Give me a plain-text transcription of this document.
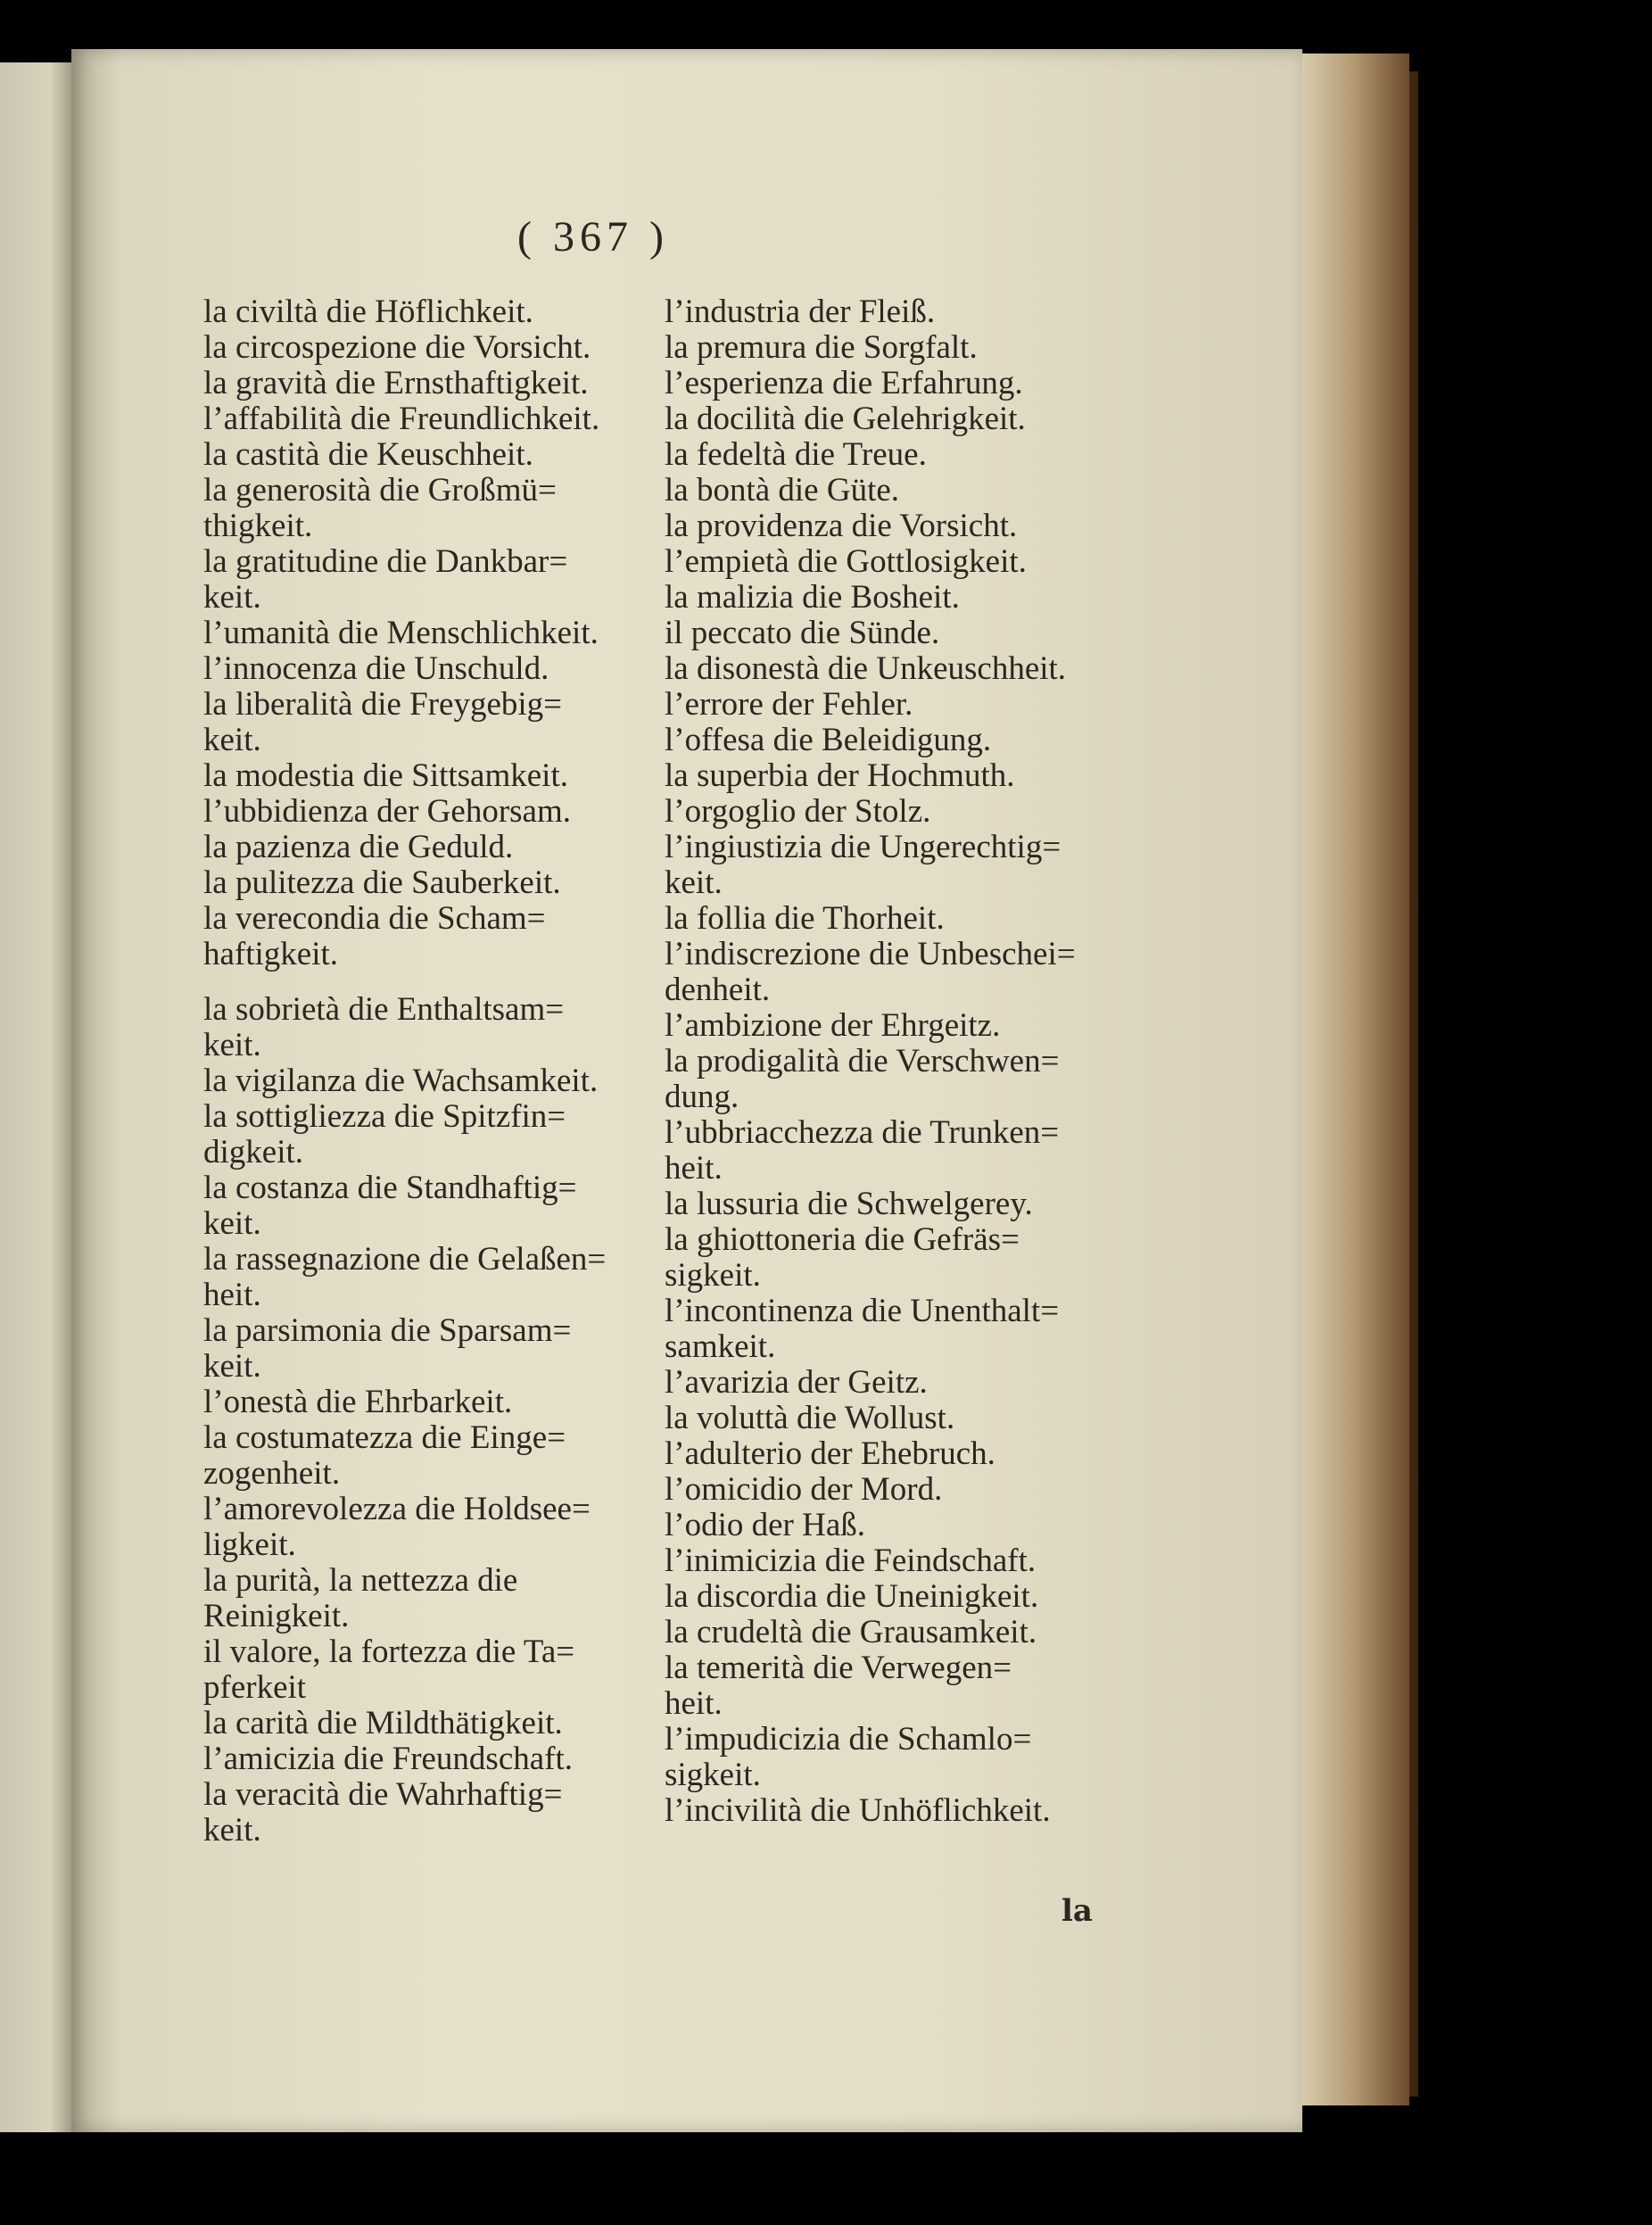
( 367 )
la civiltà die Höflichkeit.
la circospezione die Vorsicht.
la gravità die Ernsthaftigkeit.
l’affabilità die Freundlichkeit.
la castità die Keuschheit.
la generosità die Großmü=
thigkeit.
la gratitudine die Dankbar=
keit.
l’umanità die Menschlichkeit.
l’innocenza die Unschuld.
la liberalità die Freygebig=
keit.
la modestia die Sittsamkeit.
l’ubbidienza der Gehorsam.
la pazienza die Geduld.
la pulitezza die Sauberkeit.
la verecondia die Scham=
haftigkeit.
la sobrietà die Enthaltsam=
keit.
la vigilanza die Wachsamkeit.
la sottigliezza die Spitzfin=
digkeit.
la costanza die Standhaftig=
keit.
la rassegnazione die Gelaßen=
heit.
la parsimonia die Sparsam=
keit.
l’onestà die Ehrbarkeit.
la costumatezza die Einge=
zogenheit.
l’amorevolezza die Holdsee=
ligkeit.
la purità, la nettezza die
Reinigkeit.
il valore, la fortezza die Ta=
pferkeit
la carità die Mildthätigkeit.
l’amicizia die Freundschaft.
la veracità die Wahrhaftig=
keit.
l’industria der Fleiß.
la premura die Sorgfalt.
l’esperienza die Erfahrung.
la docilità die Gelehrigkeit.
la fedeltà die Treue.
la bontà die Güte.
la providenza die Vorsicht.
l’empietà die Gottlosigkeit.
la malizia die Bosheit.
il peccato die Sünde.
la disonestà die Unkeuschheit.
l’errore der Fehler.
l’offesa die Beleidigung.
la superbia der Hochmuth.
l’orgoglio der Stolz.
l’ingiustizia die Ungerechtig=
keit.
la follia die Thorheit.
l’indiscrezione die Unbeschei=
denheit.
l’ambizione der Ehrgeitz.
la prodigalità die Verschwen=
dung.
l’ubbriacchezza die Trunken=
heit.
la lussuria die Schwelgerey.
la ghiottoneria die Gefräs=
sigkeit.
l’incontinenza die Unenthalt=
samkeit.
l’avarizia der Geitz.
la voluttà die Wollust.
l’adulterio der Ehebruch.
l’omicidio der Mord.
l’odio der Haß.
l’inimicizia die Feindschaft.
la discordia die Uneinigkeit.
la crudeltà die Grausamkeit.
la temerità die Verwegen=
heit.
l’impudicizia die Schamlo=
sigkeit.
l’incivilità die Unhöflichkeit.
la
